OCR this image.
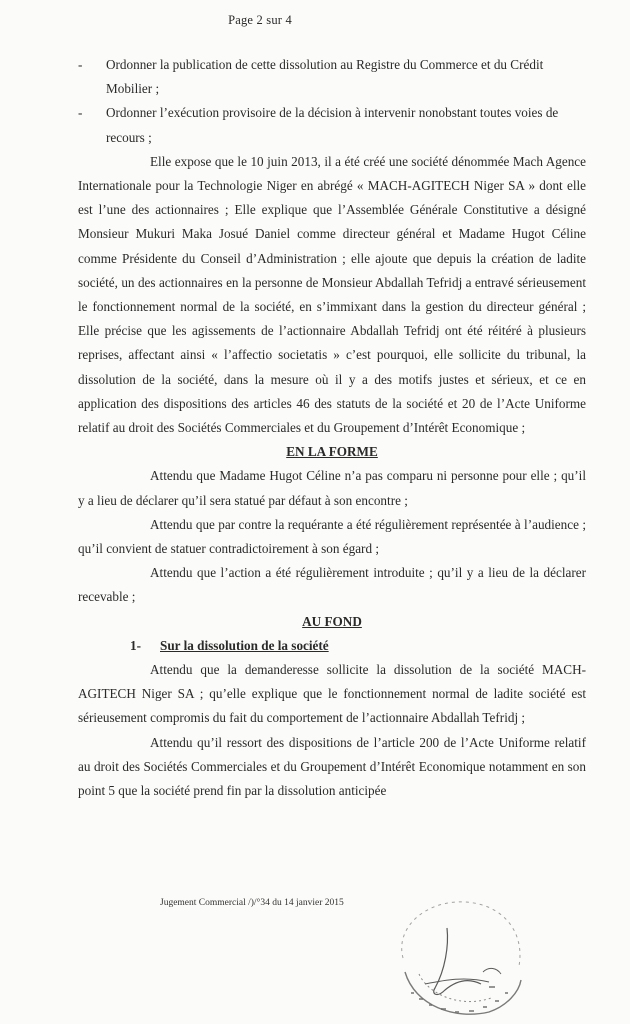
Page 2 sur 4
-	Ordonner la publication de cette dissolution au Registre du Commerce et du Crédit Mobilier ;
-	Ordonner l’exécution provisoire de la décision à intervenir nonobstant toutes voies de recours ;

Elle expose que le 10 juin 2013, il a été créé une société dénommée Mach Agence Internationale pour la Technologie Niger en abrégé « MACH-AGITECH Niger SA » dont elle est l’une des actionnaires ; Elle explique que l’Assemblée Générale Constitutive a désigné Monsieur Mukuri Maka Josué Daniel comme directeur général et Madame Hugot Céline comme Présidente du Conseil d’Administration ; elle ajoute que depuis la création de ladite société, un des actionnaires en la personne de Monsieur Abdallah Tefridj a entravé sérieusement le fonctionnement normal de la société, en s’immixant dans la gestion du directeur général ; Elle précise que les agissements de l’actionnaire Abdallah Tefridj ont été réitéré à plusieurs reprises, affectant ainsi « l’affectio societatis » c’est pourquoi, elle sollicite du tribunal, la dissolution de la société, dans la mesure où il y a des motifs justes et sérieux, et ce en application des dispositions des articles 46 des statuts de la société et 20 de l’Acte Uniforme relatif au droit des Sociétés Commerciales et du Groupement d’Intérêt Economique ;

EN LA FORME

Attendu que Madame Hugot Céline n’a pas comparu ni personne pour elle ; qu’il y a lieu de déclarer qu’il sera statué par défaut à son encontre ;

Attendu que par contre la requérante a été régulièrement représentée à l’audience ; qu’il convient de statuer contradictoirement à son égard ;

Attendu que l’action a été régulièrement introduite ; qu’il y a lieu de la déclarer recevable ;

AU FOND

1- Sur la dissolution de la société

Attendu que la demanderesse sollicite la dissolution de la société MACH-AGITECH Niger SA ; qu’elle explique que le fonctionnement normal de ladite société est sérieusement compromis du fait du comportement de l’actionnaire Abdallah Tefridj ;

Attendu qu’il ressort des dispositions de l’article 200 de l’Acte Uniforme relatif au droit des Sociétés Commerciales et du Groupement d’Intérêt Economique notamment en son point 5 que la société prend fin par la dissolution anticipée

Jugement Commercial /)/°34 du 14 janvier 2015
